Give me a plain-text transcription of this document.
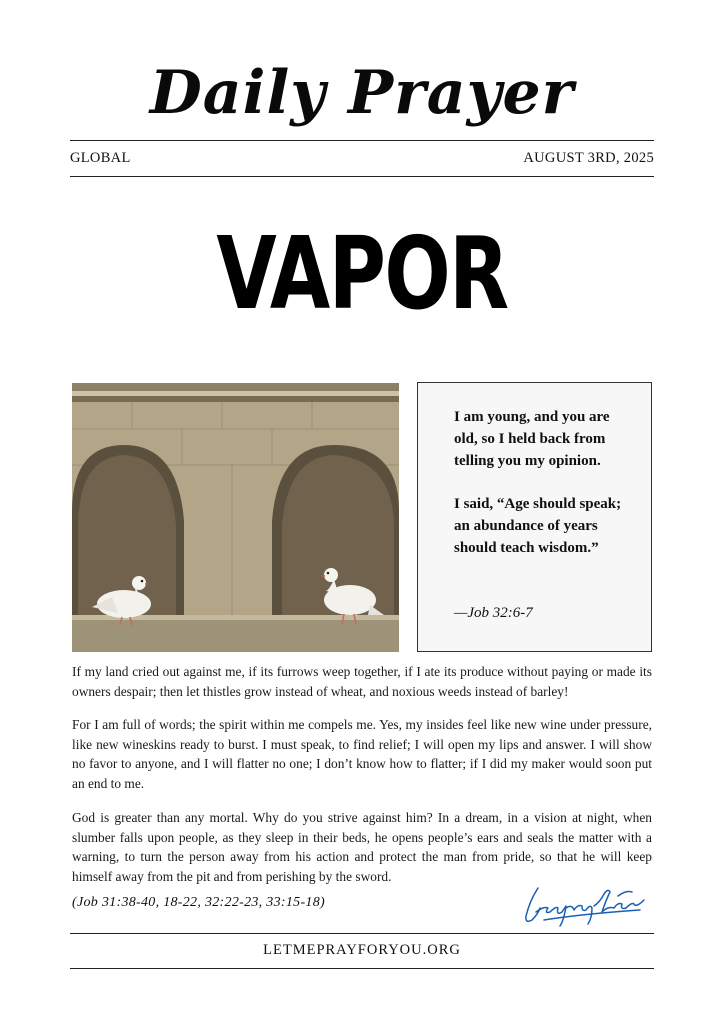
Daily Prayer
GLOBAL	AUGUST 3RD, 2025
VAPOR
I am young, and you are old, so I held back from telling you my opinion.
I said, “Age should speak; an abundance of years should teach wisdom.”
—Job 32:6-7
If my land cried out against me, if its furrows weep together, if I ate its produce without paying or made its owners despair; then let thistles grow instead of wheat, and noxious weeds instead of barley!
For I am full of words; the spirit within me compels me. Yes, my insides feel like new wine under pressure, like new wineskins ready to burst. I must speak, to find relief; I will open my lips and answer. I will show no favor to anyone, and I will flatter no one; I don’t know how to flatter; if I did my maker would soon put an end to me.
God is greater than any mortal. Why do you strive against him? In a dream, in a vision at night, when slumber falls upon people, as they sleep in their beds, he opens people’s ears and seals the matter with a warning, to turn the person away from his action and protect the man from pride, so that he will keep himself away from the pit and from perishing by the sword.
(Job 31:38-40, 18-22, 32:22-23, 33:15-18)
LETMEPRAYFORYOU.ORG
